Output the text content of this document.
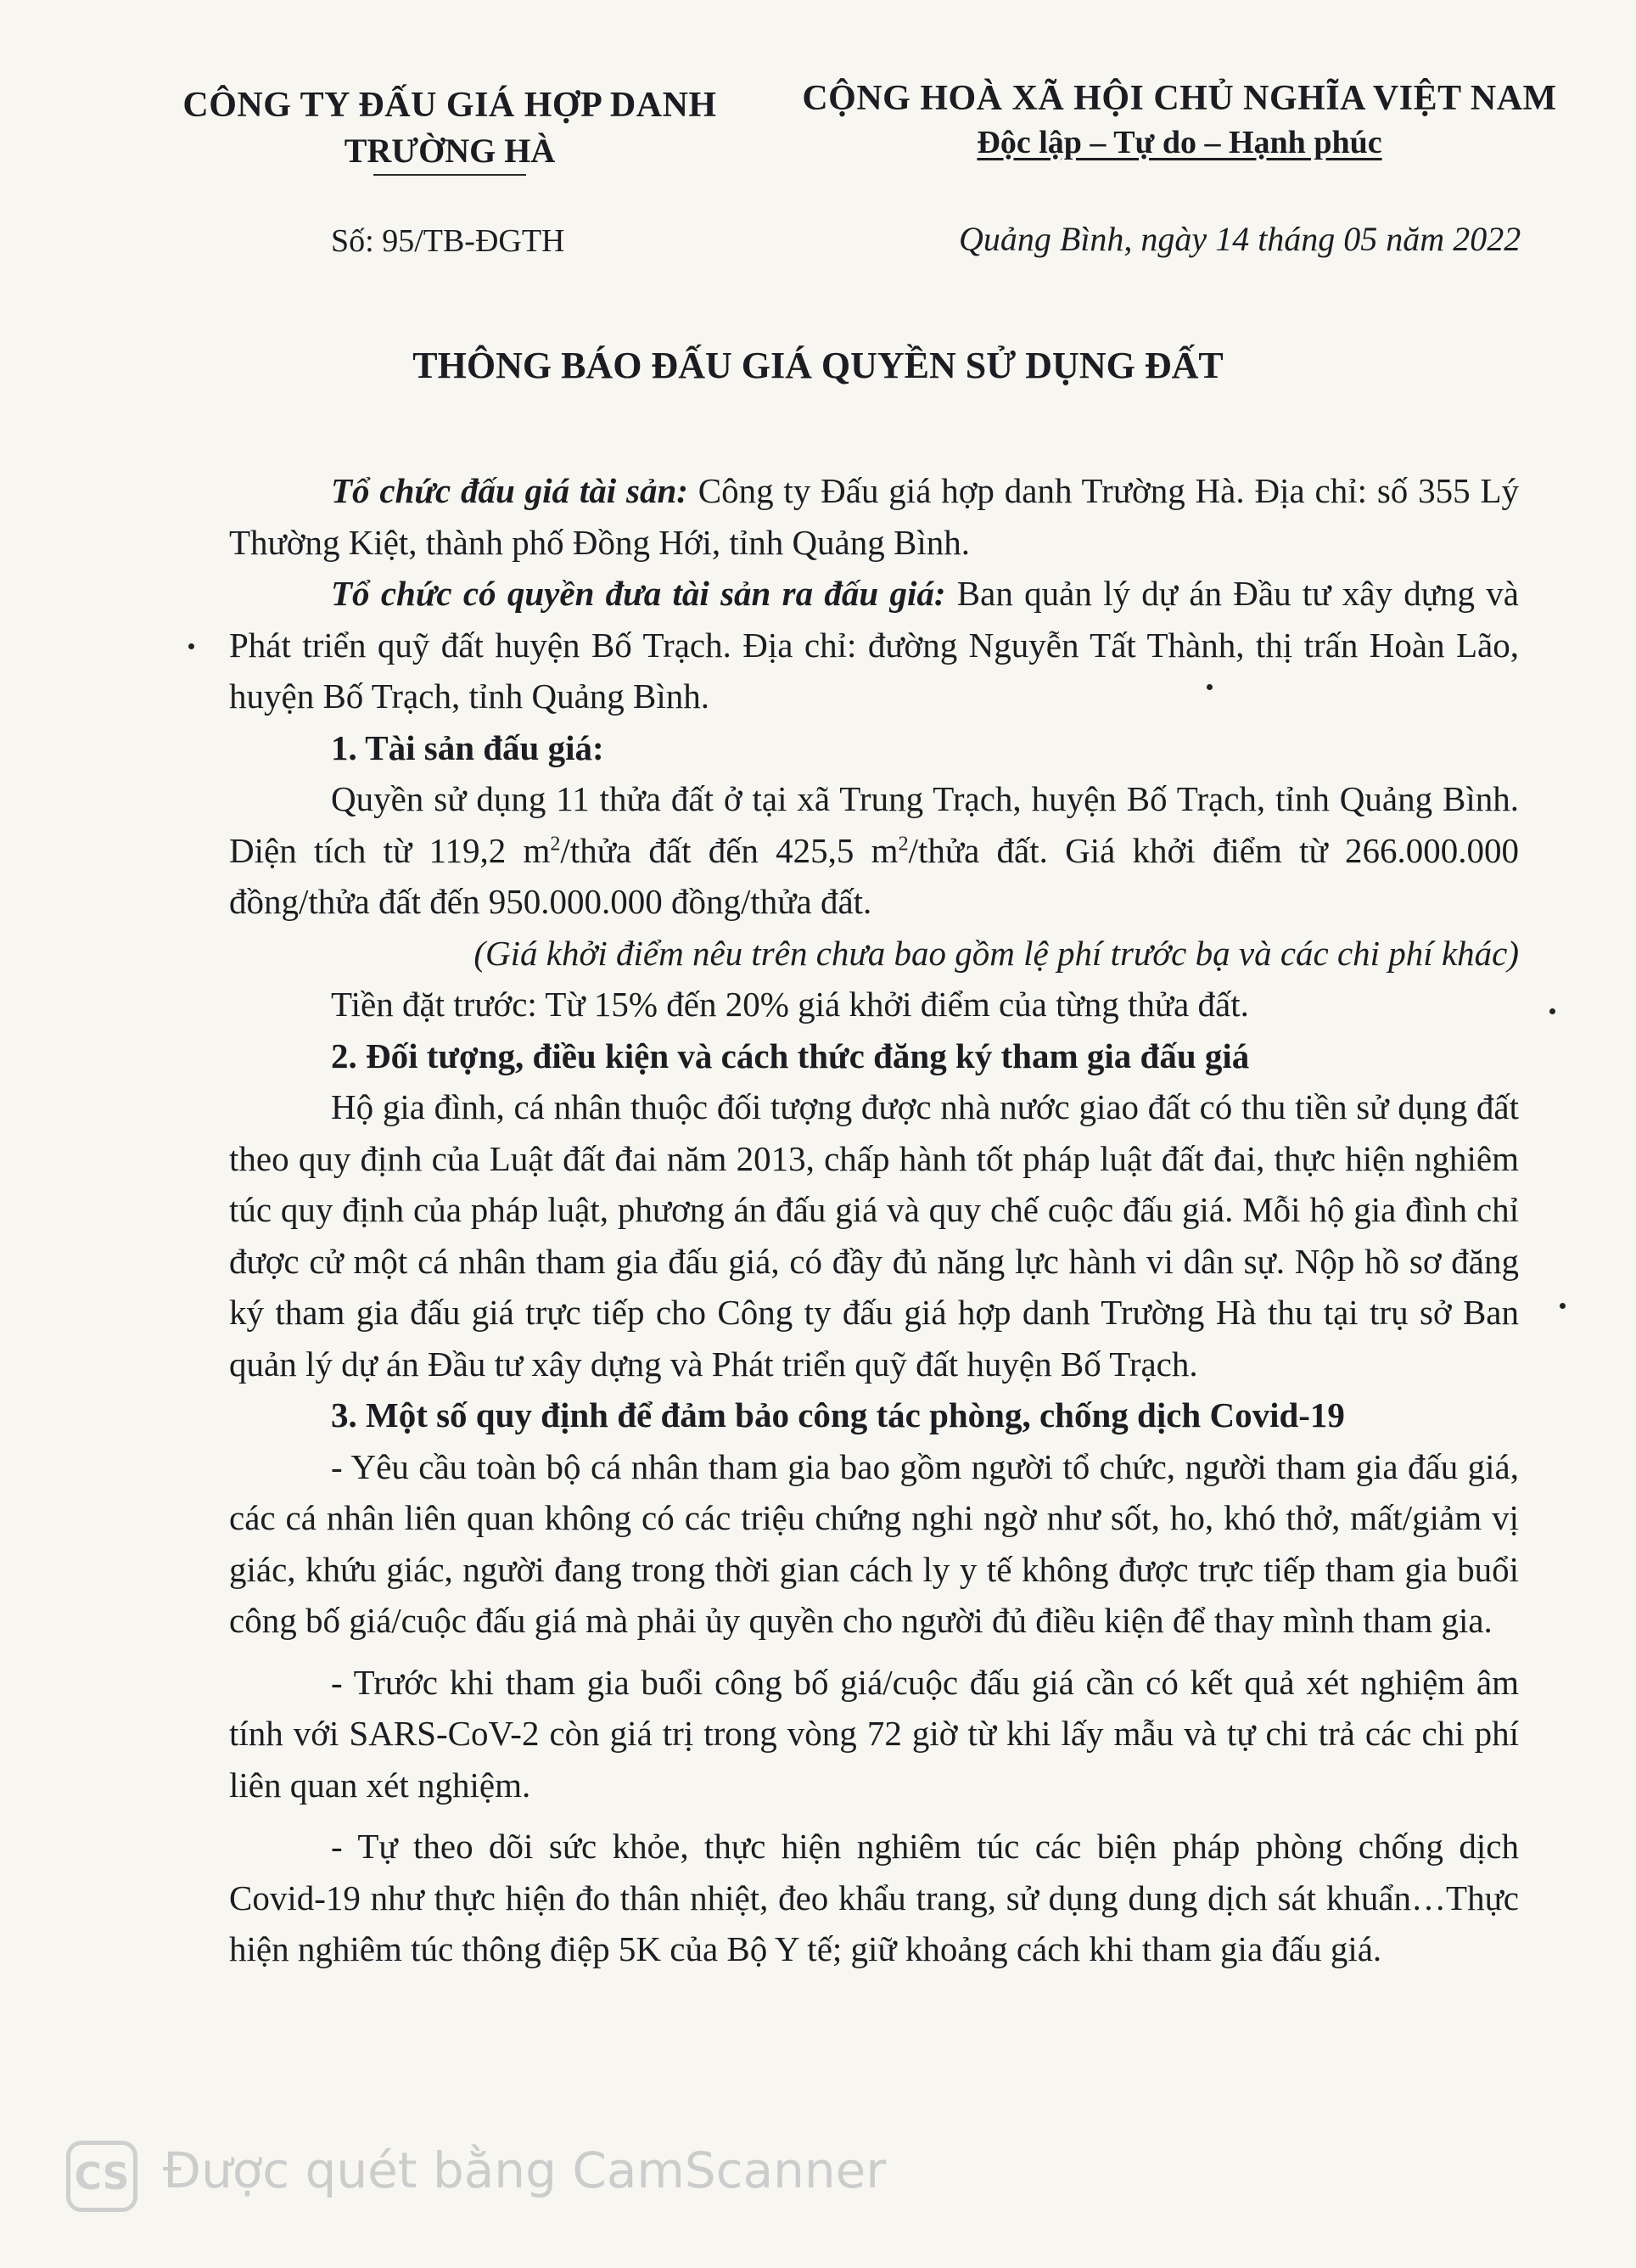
CÔNG TY ĐẤU GIÁ HỢP DANH
TRƯỜNG HÀ
CỘNG HOÀ XÃ HỘI CHỦ NGHĨA VIỆT NAM
Độc lập – Tự do – Hạnh phúc
Số: 95/TB-ĐGTH	Quảng Bình, ngày 14 tháng 05 năm 2022
THÔNG BÁO ĐẤU GIÁ QUYỀN SỬ DỤNG ĐẤT

Tổ chức đấu giá tài sản: Công ty Đấu giá hợp danh Trường Hà. Địa chỉ: số 355 Lý Thường Kiệt, thành phố Đồng Hới, tỉnh Quảng Bình.

Tổ chức có quyền đưa tài sản ra đấu giá: Ban quản lý dự án Đầu tư xây dựng và Phát triển quỹ đất huyện Bố Trạch. Địa chỉ: đường Nguyễn Tất Thành, thị trấn Hoàn Lão, huyện Bố Trạch, tỉnh Quảng Bình.

1. Tài sản đấu giá:

Quyền sử dụng 11 thửa đất ở tại xã Trung Trạch, huyện Bố Trạch, tỉnh Quảng Bình. Diện tích từ 119,2 $m^2$/thửa đất đến 425,5 $m^2$/thửa đất. Giá khởi điểm từ 266.000.000 đồng/thửa đất đến 950.000.000 đồng/thửa đất.

(Giá khởi điểm nêu trên chưa bao gồm lệ phí trước bạ và các chi phí khác)

Tiền đặt trước: Từ 15% đến 20% giá khởi điểm của từng thửa đất.

2. Đối tượng, điều kiện và cách thức đăng ký tham gia đấu giá

Hộ gia đình, cá nhân thuộc đối tượng được nhà nước giao đất có thu tiền sử dụng đất theo quy định của Luật đất đai năm 2013, chấp hành tốt pháp luật đất đai, thực hiện nghiêm túc quy định của pháp luật, phương án đấu giá và quy chế cuộc đấu giá. Mỗi hộ gia đình chỉ được cử một cá nhân tham gia đấu giá, có đầy đủ năng lực hành vi dân sự. Nộp hồ sơ đăng ký tham gia đấu giá trực tiếp cho Công ty đấu giá hợp danh Trường Hà thu tại trụ sở Ban quản lý dự án Đầu tư xây dựng và Phát triển quỹ đất huyện Bố Trạch.

3. Một số quy định để đảm bảo công tác phòng, chống dịch Covid-19

- Yêu cầu toàn bộ cá nhân tham gia bao gồm người tổ chức, người tham gia đấu giá, các cá nhân liên quan không có các triệu chứng nghi ngờ như sốt, ho, khó thở, mất/giảm vị giác, khứu giác, người đang trong thời gian cách ly y tế không được trực tiếp tham gia buổi công bố giá/cuộc đấu giá mà phải ủy quyền cho người đủ điều kiện để thay mình tham gia.

- Trước khi tham gia buổi công bố giá/cuộc đấu giá cần có kết quả xét nghiệm âm tính với SARS-CoV-2 còn giá trị trong vòng 72 giờ từ khi lấy mẫu và tự chi trả các chi phí liên quan xét nghiệm.

- Tự theo dõi sức khỏe, thực hiện nghiêm túc các biện pháp phòng chống dịch Covid-19 như thực hiện đo thân nhiệt, đeo khẩu trang, sử dụng dung dịch sát khuẩn…Thực hiện nghiêm túc thông điệp 5K của Bộ Y tế; giữ khoảng cách khi tham gia đấu giá.

CS Được quét bằng CamScanner
